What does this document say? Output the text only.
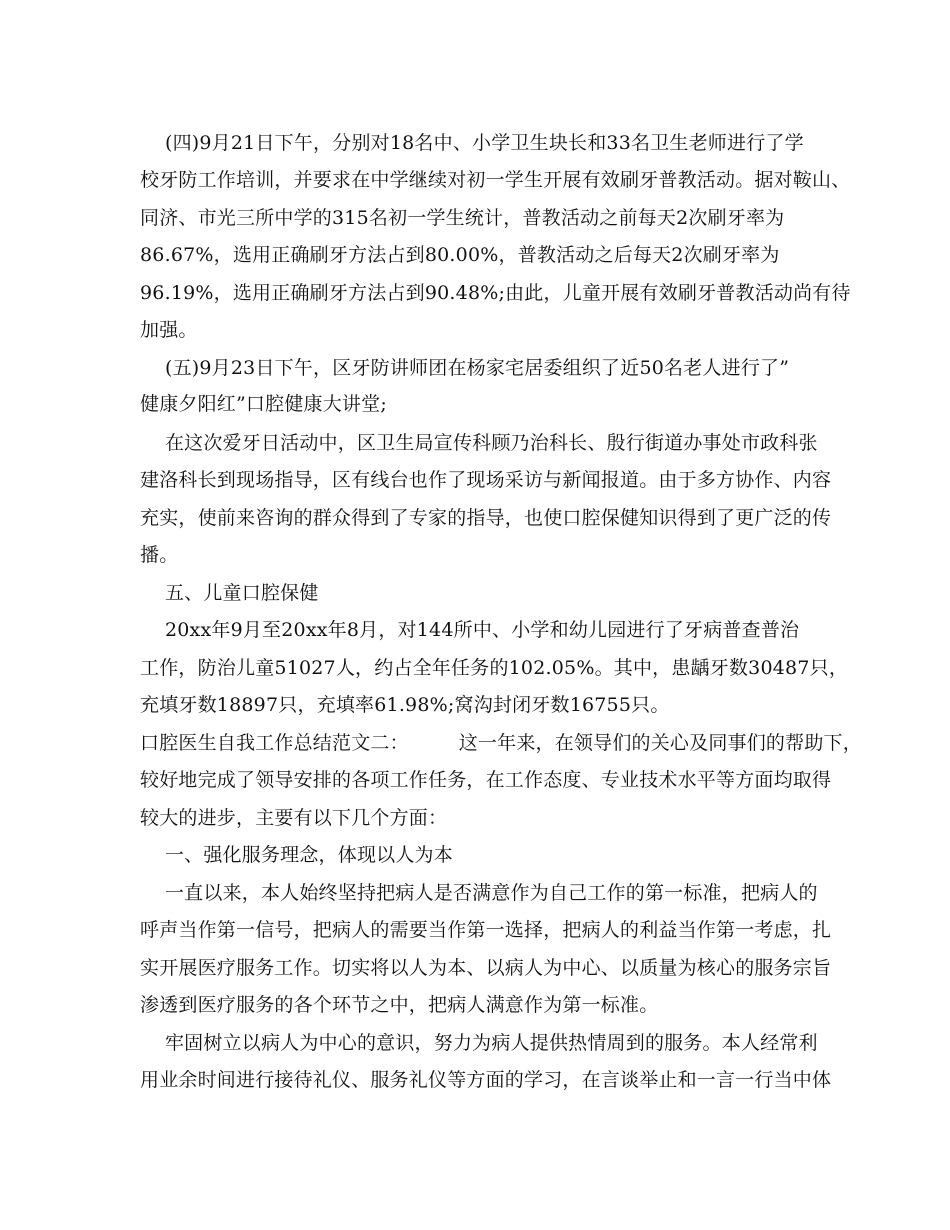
(四)9月21日下午，分别对18名中、小学卫生块长和33名卫生老师进行了学
校牙防工作培训，并要求在中学继续对初一学生开展有效刷牙普教活动。据对鞍山、
同济、市光三所中学的315名初一学生统计，普教活动之前每天2次刷牙率为
86.67%，选用正确刷牙方法占到80.00%，普教活动之后每天2次刷牙率为
96.19%，选用正确刷牙方法占到90.48%;由此，儿童开展有效刷牙普教活动尚有待
加强。
(五)9月23日下午，区牙防讲师团在杨家宅居委组织了近50名老人进行了”
健康夕阳红”口腔健康大讲堂;
在这次爱牙日活动中，区卫生局宣传科顾乃治科长、殷行街道办事处市政科张
建洛科长到现场指导，区有线台也作了现场采访与新闻报道。由于多方协作、内容
充实，使前来咨询的群众得到了专家的指导，也使口腔保健知识得到了更广泛的传
播。
五、儿童口腔保健
20xx年9月至20xx年8月，对144所中、小学和幼儿园进行了牙病普查普治
工作，防治儿童51027人，约占全年任务的102.05%。其中，患龋牙数30487只，
充填牙数18897只，充填率61.98%;窝沟封闭牙数16755只。
口腔医生自我工作总结范文二：        这一年来，在领导们的关心及同事们的帮助下，
较好地完成了领导安排的各项工作任务，在工作态度、专业技术水平等方面均取得
较大的进步，主要有以下几个方面：
一、强化服务理念，体现以人为本
一直以来，本人始终坚持把病人是否满意作为自己工作的第一标准，把病人的
呼声当作第一信号，把病人的需要当作第一选择，把病人的利益当作第一考虑，扎
实开展医疗服务工作。切实将以人为本、以病人为中心、以质量为核心的服务宗旨
渗透到医疗服务的各个环节之中，把病人满意作为第一标准。
牢固树立以病人为中心的意识，努力为病人提供热情周到的服务。本人经常利
用业余时间进行接待礼仪、服务礼仪等方面的学习，在言谈举止和一言一行当中体
